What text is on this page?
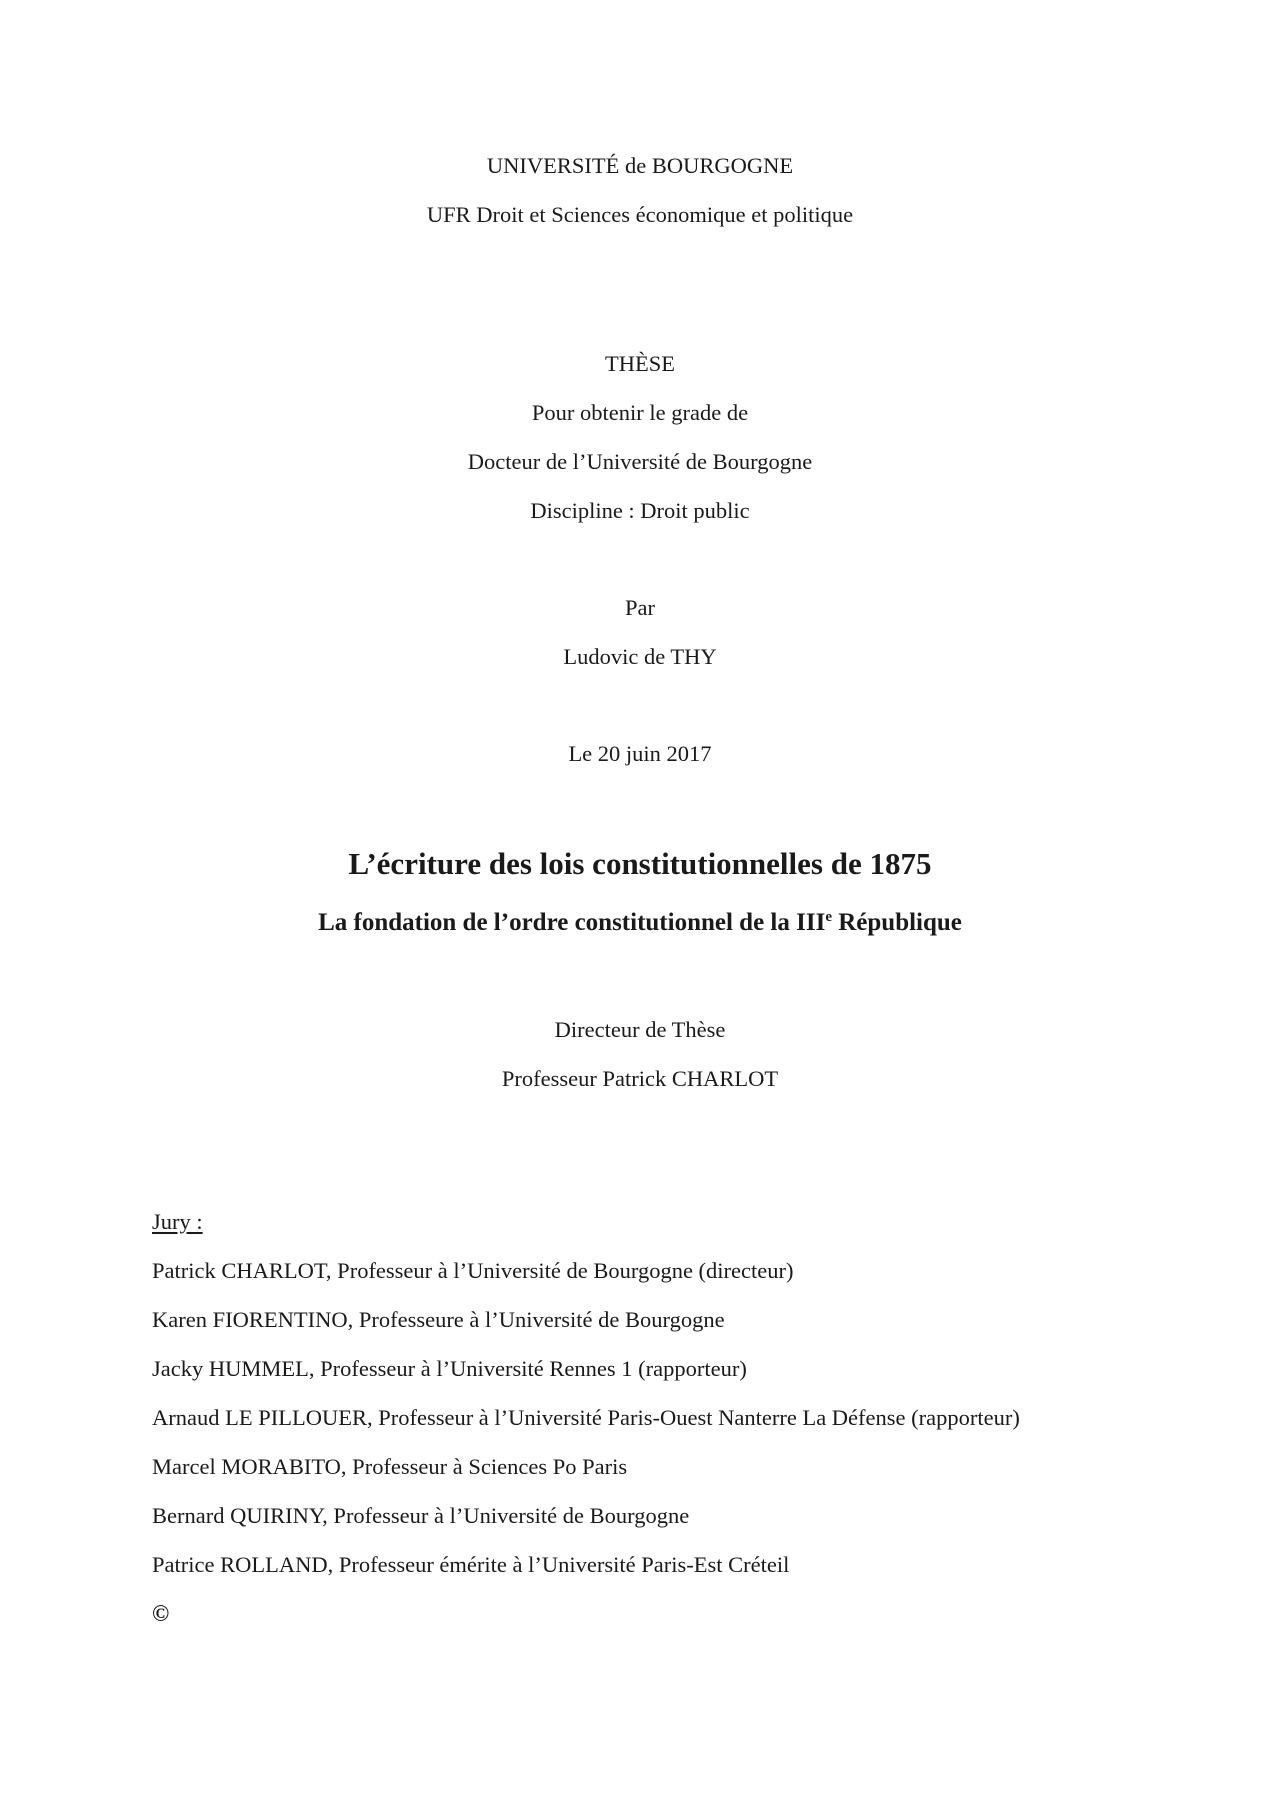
UNIVERSITÉ de BOURGOGNE
UFR Droit et Sciences économique et politique
THÈSE
Pour obtenir le grade de
Docteur de l’Université de Bourgogne
Discipline : Droit public
Par
Ludovic de THY
Le 20 juin 2017
L’écriture des lois constitutionnelles de 1875
La fondation de l’ordre constitutionnel de la IIIe République
Directeur de Thèse
Professeur Patrick CHARLOT
Jury :
Patrick CHARLOT, Professeur à l’Université de Bourgogne (directeur)
Karen FIORENTINO, Professeure à l’Université de Bourgogne
Jacky HUMMEL, Professeur à l’Université Rennes 1 (rapporteur)
Arnaud LE PILLOUER, Professeur à l’Université Paris-Ouest Nanterre La Défense (rapporteur)
Marcel MORABITO, Professeur à Sciences Po Paris
Bernard QUIRINY, Professeur à l’Université de Bourgogne
Patrice ROLLAND, Professeur émérite à l’Université Paris-Est Créteil
©
